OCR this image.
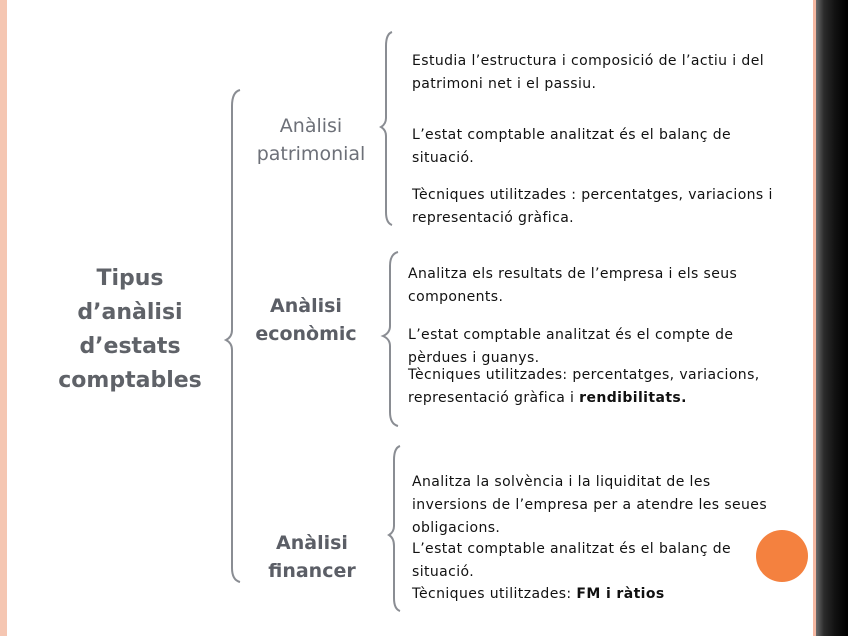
Tipus d’anàlisi d’estats comptables
Anàlisi patrimonial
Anàlisi econòmic
Anàlisi financer
Estudia l’estructura i composició de l’actiu i del patrimoni net i el passiu.
L’estat comptable analitzat és el balanç de situació.
Tècniques utilitzades : percentatges, variacions i representació gràfica.
Analitza els resultats de l’empresa i els seus components.
L’estat comptable analitzat és el compte de pèrdues i guanys.
Tècniques utilitzades: percentatges, variacions, representació gràfica i rendibilitats.
Analitza la solvència i la liquiditat de les inversions de l’empresa per a atendre les seues obligacions.
L’estat comptable analitzat és el balanç de situació.
Tècniques utilitzades: FM i ràtios
